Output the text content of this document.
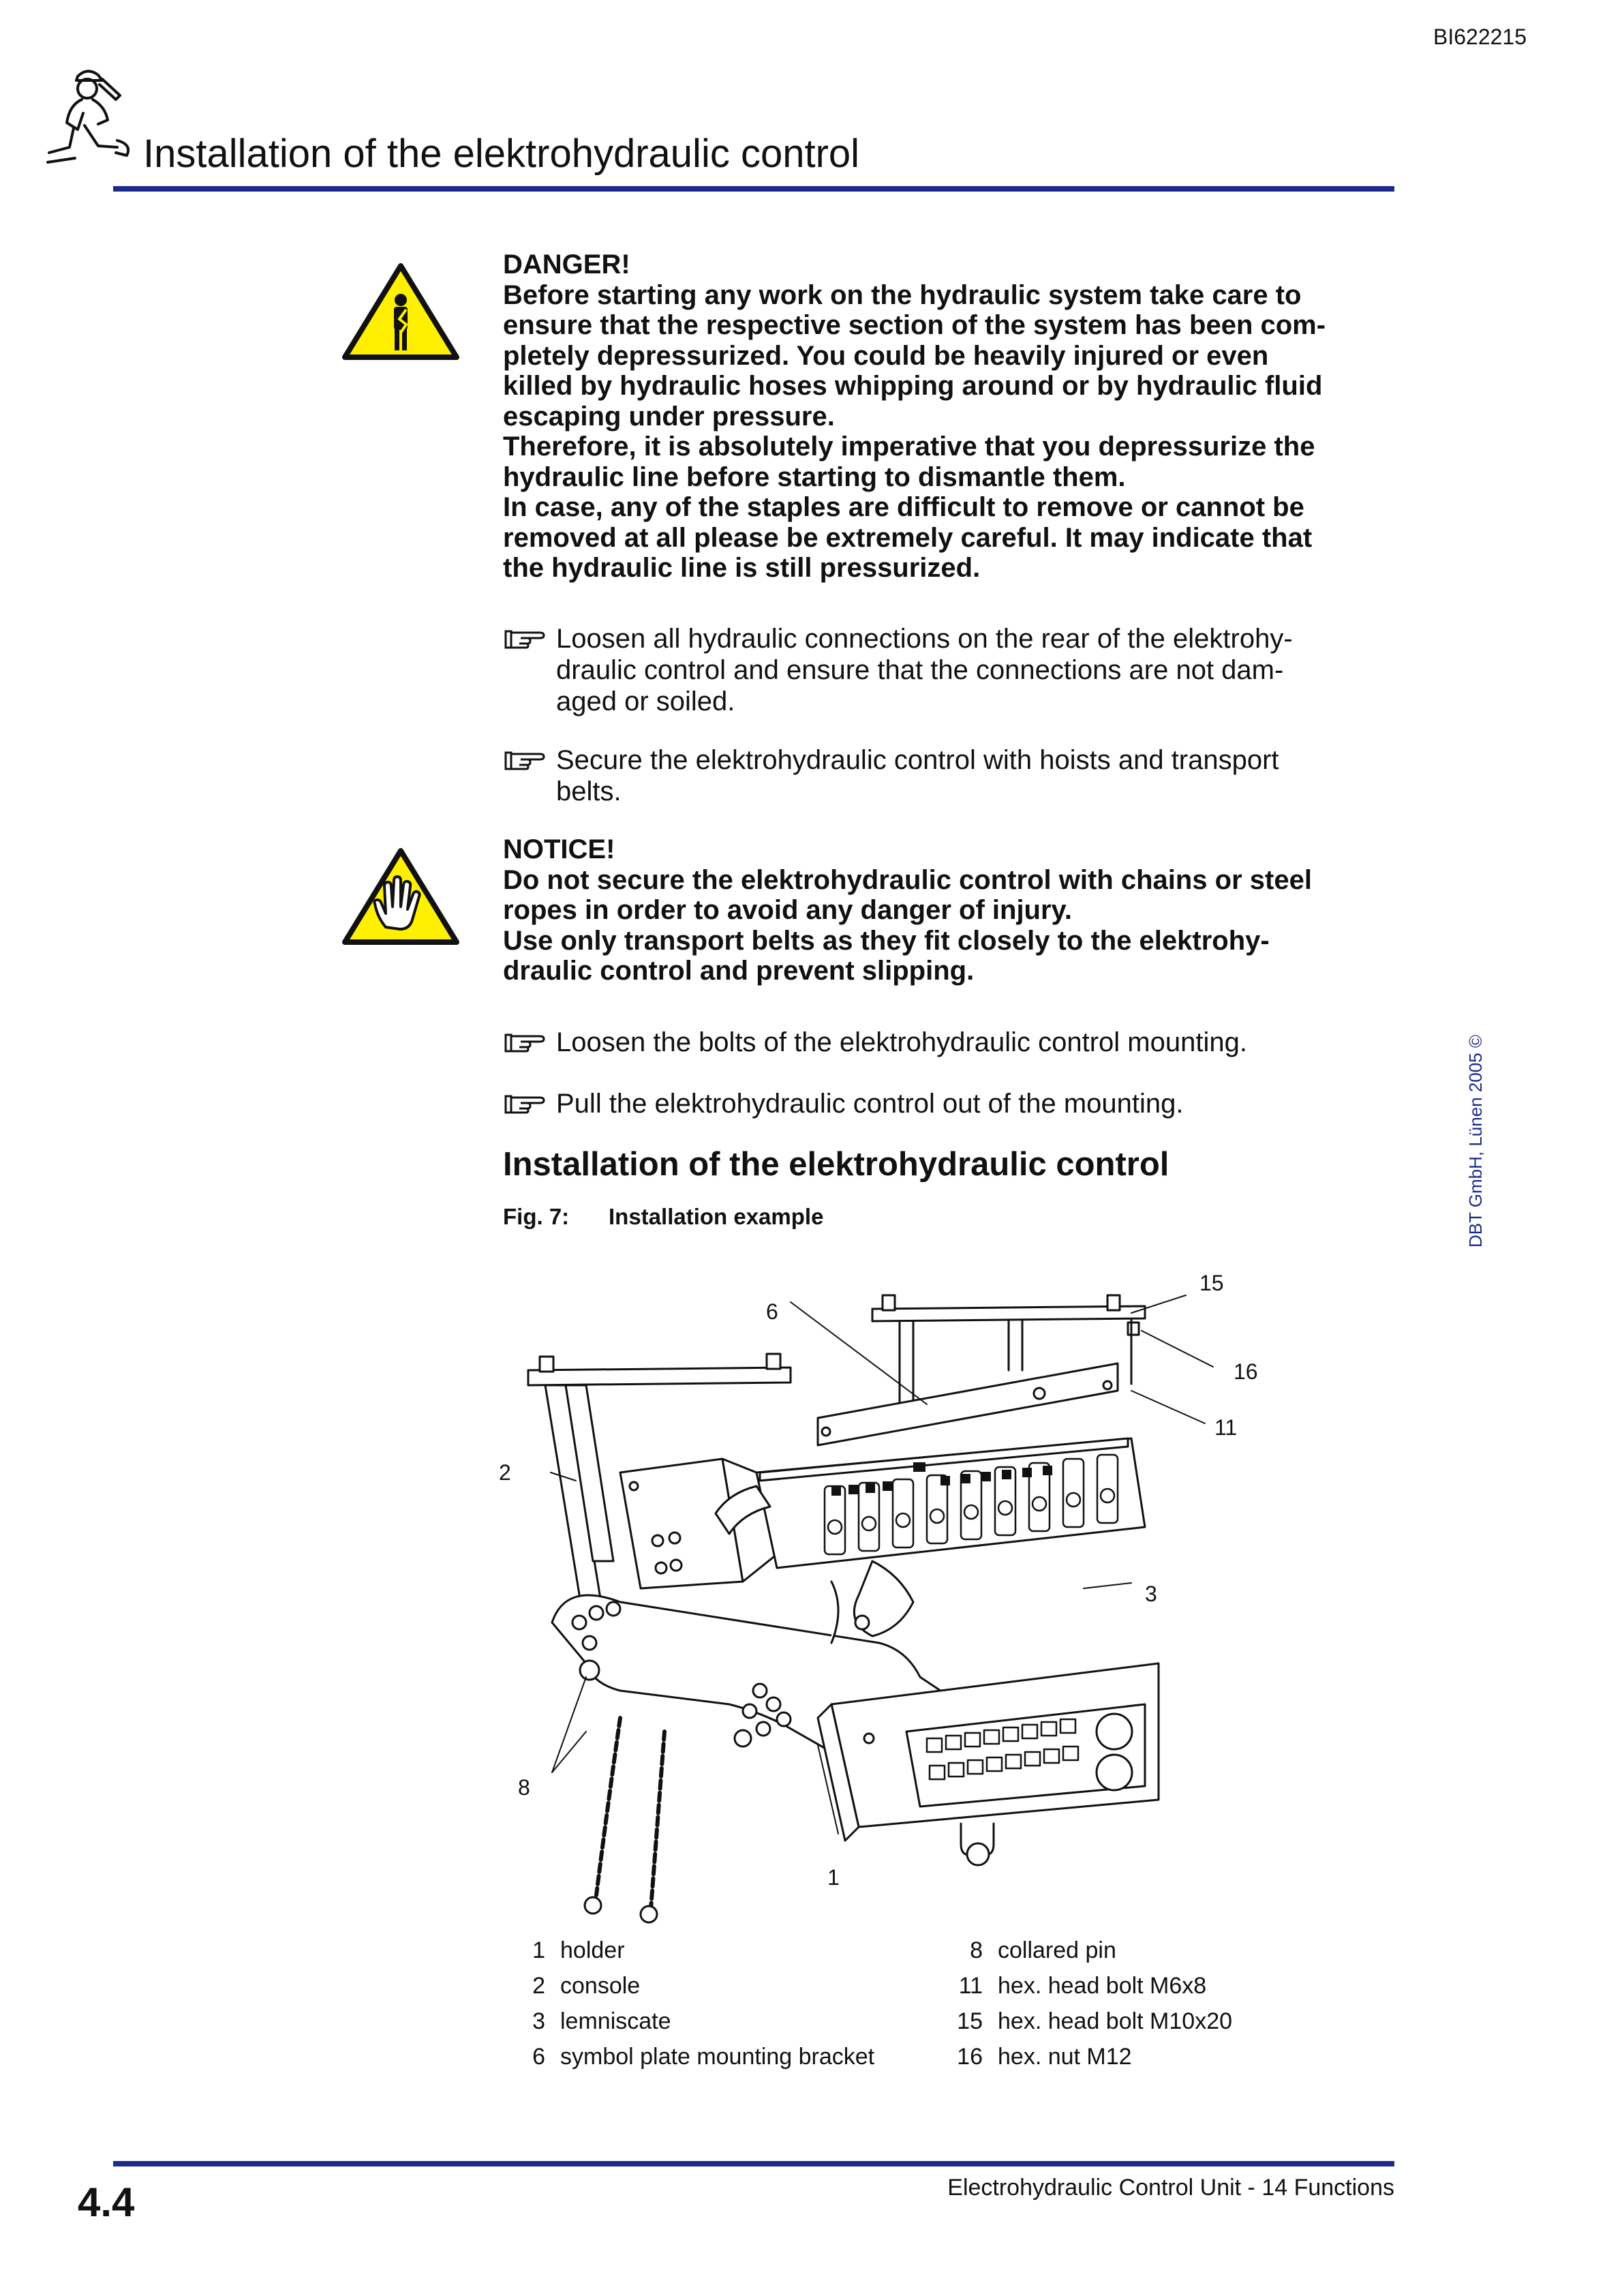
BI622215
Installation of the elektrohydraulic control
DANGER!
Before starting any work on the hydraulic system take care to
ensure that the respective section of the system has been com-
pletely depressurized. You could be heavily injured or even
killed by hydraulic hoses whipping around or by hydraulic fluid
escaping under pressure.
Therefore, it is absolutely imperative that you depressurize the
hydraulic line before starting to dismantle them.
In case, any of the staples are difficult to remove or cannot be
removed at all please be extremely careful. It may indicate that
the hydraulic line is still pressurized.
Loosen all hydraulic connections on the rear of the elektrohy-
draulic control and ensure that the connections are not dam-
aged or soiled.
Secure the elektrohydraulic control with hoists and transport
belts.
NOTICE!
Do not secure the elektrohydraulic control with chains or steel
ropes in order to avoid any danger of injury.
Use only transport belts as they fit closely to the elektrohy-
draulic control and prevent slipping.
Loosen the bolts of the elektrohydraulic control mounting.
Pull the elektrohydraulic control out of the mounting.
Installation of the elektrohydraulic control
Fig. 7: Installation example
15
6
16
11
2
3
8
1
1 holder
2 console
3 lemniscate
6 symbol plate mounting bracket
8 collared pin
11 hex. head bolt M6x8
15 hex. head bolt M10x20
16 hex. nut M12
DBT GmbH, Lünen 2005 ©
4.4	Electrohydraulic Control Unit - 14 Functions
